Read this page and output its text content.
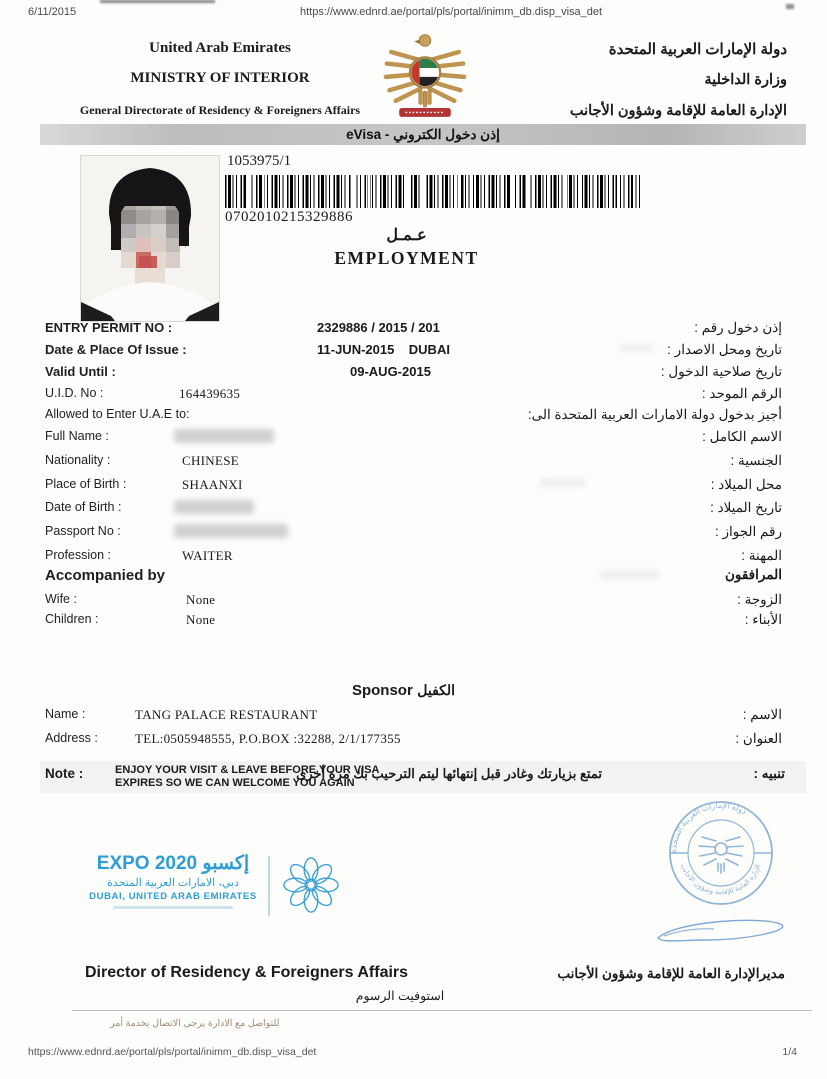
6/11/2015	https://www.ednrd.ae/portal/pls/portal/inimm_db.disp_visa_det
United Arab Emirates
MINISTRY OF INTERIOR
General Directorate of Residency & Foreigners Affairs
دولة الإمارات العربية المتحدة
وزارة الداخلية
الإدارة العامة للإقامة وشؤون الأجانب
eVisa - إذن دخول الكتروني
1053975/1
0702010215329886
عـمـل
EMPLOYMENT
ENTRY PERMIT NO :	2329886 / 2015 / 201	إذن دخول رقم :
Date & Place Of Issue :	11-JUN-2015    DUBAI	تاريخ ومحل الاصدار :
Valid Until :	09-AUG-2015	تاريخ صلاحية الدخول :
U.I.D. No :	164439635	الرقم الموحد :
Allowed to Enter U.A.E to:	أجيز بدخول دولة الامارات العربية المتحدة الى:
Full Name :	الاسم الكامل :
Nationality :	CHINESE	الجنسية :
Place of Birth :	SHAANXI	محل الميلاد :
Date of Birth :	تاريخ الميلاد :
Passport No :	رقم الجواز :
Profession :	WAITER	المهنة :
Accompanied by	المرافقون
Wife :	None	الزوجة :
Children :	None	الأبناء :
Sponsor الكفيل
Name :	TANG PALACE RESTAURANT	الاسم :
Address :	TEL:0505948555, P.O.BOX :32288, 2/1/177355	العنوان :
Note :	ENJOY YOUR VISIT & LEAVE BEFORE YOUR VISA
EXPIRES SO WE CAN WELCOME YOU AGAIN
تمتع بزيارتك وغادر قبل إنتهائها ليتم الترحيب بك مرة أخرى	تنبيه :
EXPO 2020 إكسبو
دبي، الامارات العربية المتحدة
DUBAI, UNITED ARAB EMIRATES
دولة الإمارات العربية المتحدة
الإدارة العامة للإقامة وشؤون الأجانب
Director of Residency & Foreigners Affairs	مديرالإدارة العامة للإقامة وشؤون الأجانب
استوفيت الرسوم
للتواصل مع الادارة يرجى الاتصال بخدمة أمر
https://www.ednrd.ae/portal/pls/portal/inimm_db.disp_visa_det	1/4
